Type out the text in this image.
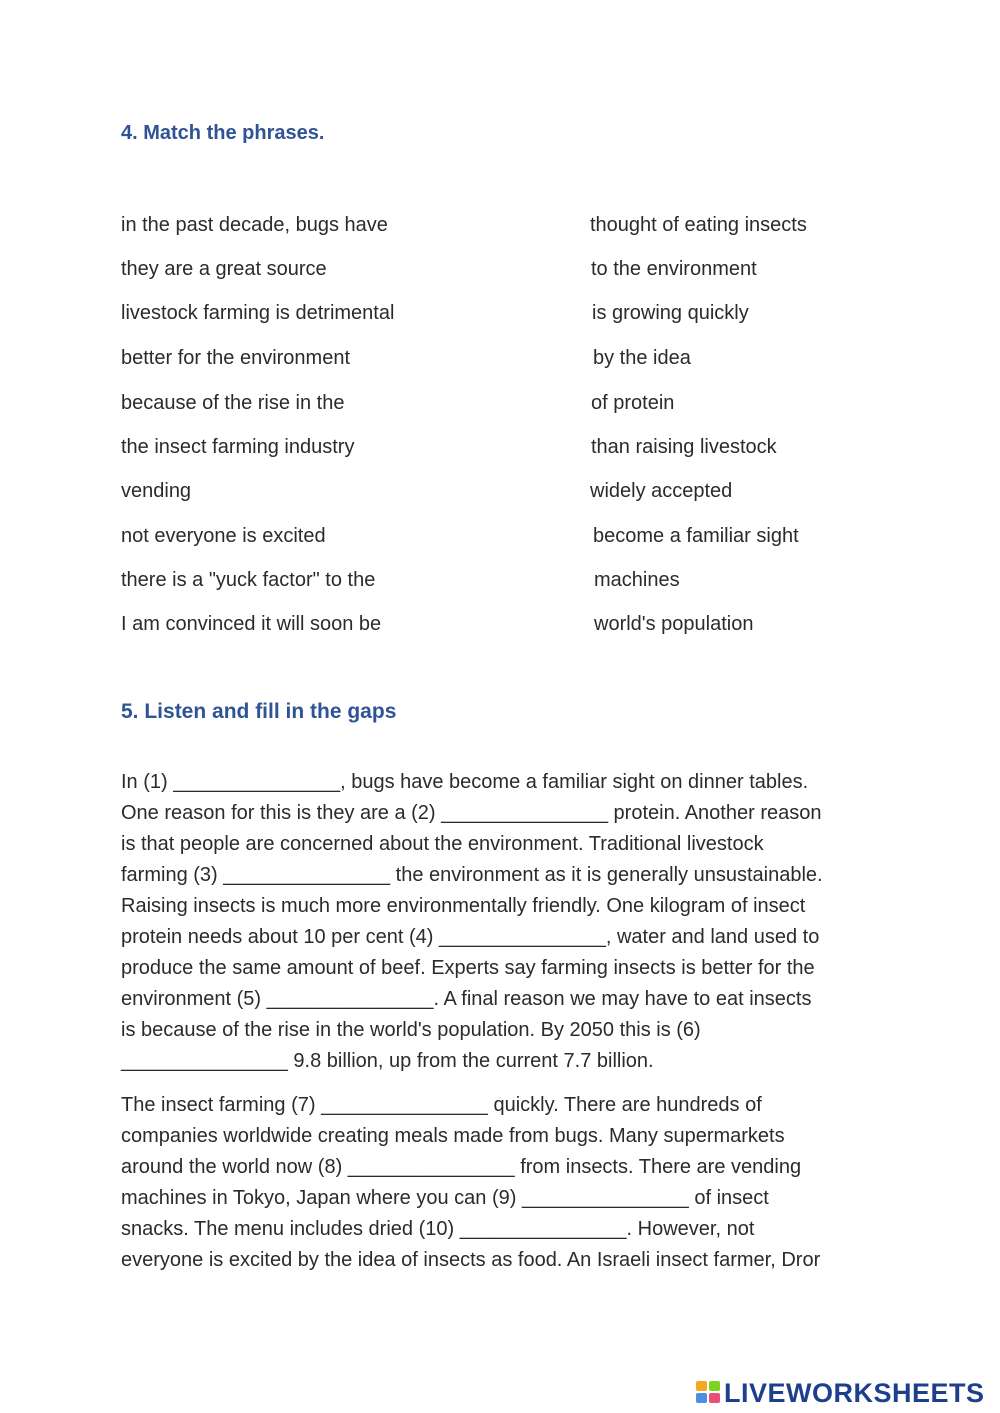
4. Match the phrases.
in the past decade, bugs have	thought of eating insects
they are a great source	to the environment
livestock farming is detrimental	is growing quickly
better for the environment	by the idea
because of the rise in the	of protein
the insect farming industry	than raising livestock
vending	widely accepted
not everyone is excited	become a familiar sight
there is a "yuck factor" to the	machines
I am convinced it will soon be	world's population
5. Listen and fill in the gaps

In (1) _______________, bugs have become a familiar sight on dinner tables.
One reason for this is they are a (2) _______________ protein. Another reason
is that people are concerned about the environment. Traditional livestock
farming (3) _______________ the environment as it is generally unsustainable.
Raising insects is much more environmentally friendly. One kilogram of insect
protein needs about 10 per cent (4) _______________, water and land used to
produce the same amount of beef. Experts say farming insects is better for the
environment (5) _______________. A final reason we may have to eat insects
is because of the rise in the world's population. By 2050 this is (6)
_______________ 9.8 billion, up from the current 7.7 billion.

The insect farming (7) _______________ quickly. There are hundreds of
companies worldwide creating meals made from bugs. Many supermarkets
around the world now (8) _______________ from insects. There are vending
machines in Tokyo, Japan where you can (9) _______________ of insect
snacks. The menu includes dried (10) _______________. However, not
everyone is excited by the idea of insects as food. An Israeli insect farmer, Dror

LIVEWORKSHEETS
